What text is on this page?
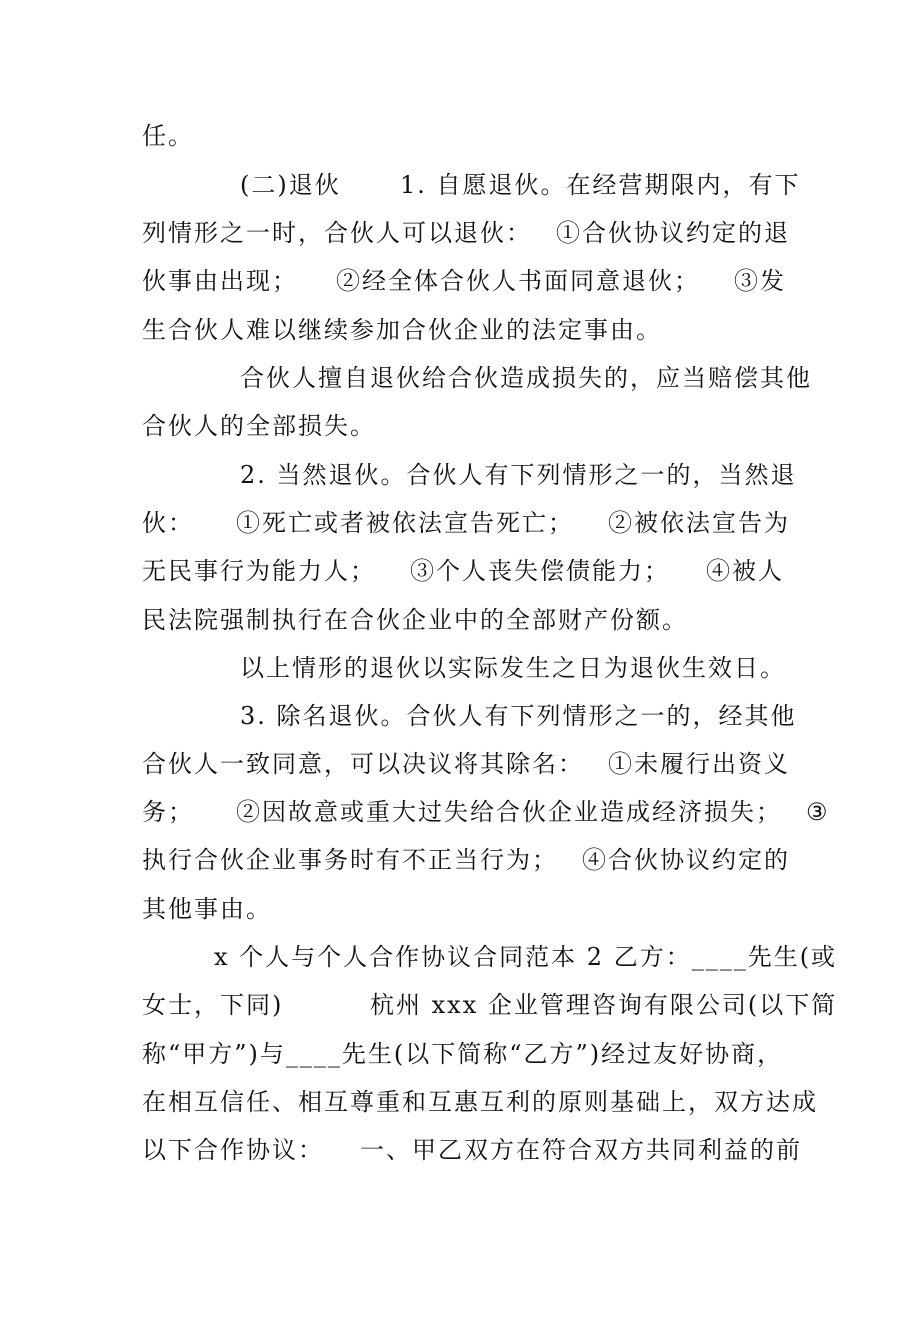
任。

(二)退伙

1. 自愿退伙。在经营期限内，有下

列情形之一时，合伙人可以退伙：

①合伙协议约定的退

伙事由出现；

②经全体合伙人书面同意退伙；

③发

生合伙人难以继续参加合伙企业的法定事由。

合伙人擅自退伙给合伙造成损失的，应当赔偿其他

合伙人的全部损失。

2. 当然退伙。合伙人有下列情形之一的，当然退

伙：

①死亡或者被依法宣告死亡；

②被依法宣告为

无民事行为能力人；

③个人丧失偿债能力；

④被人

民法院强制执行在合伙企业中的全部财产份额。

以上情形的退伙以实际发生之日为退伙生效日。

3. 除名退伙。合伙人有下列情形之一的，经其他

合伙人一致同意，可以决议将其除名：

①未履行出资义

务；

②因故意或重大过失给合伙企业造成经济损失；

③

执行合伙企业事务时有不正当行为；

④合伙协议约定的

其他事由。

x 个人与个人合作协议合同范本 2 乙方：____先生(或

女士，下同)

	杭州 xxx 企业管理咨询有限公司(以下简

称“甲方”)与____先生(以下简称“乙方”)经过友好协商，

在相互信任、相互尊重和互惠互利的原则基础上，双方达成

以下合作协议：

一、甲乙双方在符合双方共同利益的前
